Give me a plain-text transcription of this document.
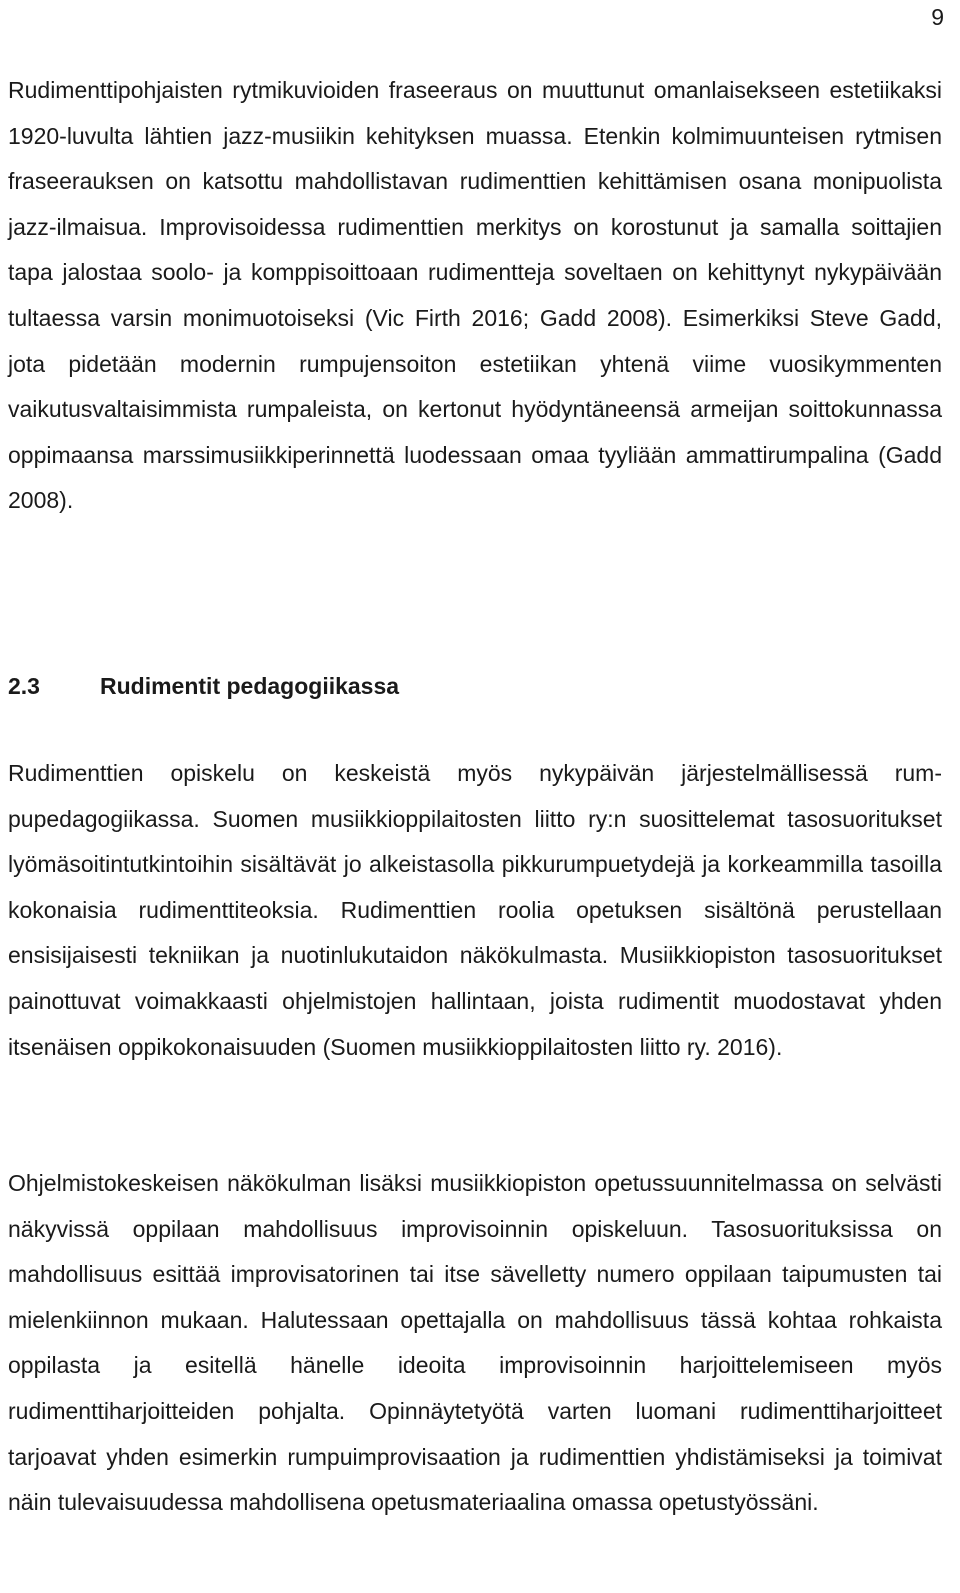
9

Rudimenttipohjaisten rytmikuvioiden fraseeraus on muuttunut omanlaisekseen estetiikaksi 1920-luvulta lähtien jazz-musiikin kehityksen muassa. Etenkin kolmimuunteisen rytmisen fraseerauksen on katsottu mahdollistavan rudimenttien kehittämisen osana monipuolista jazz-ilmaisua. Improvisoidessa rudimenttien merkitys on korostunut ja samalla soittajien tapa jalostaa soolo- ja komppisoittoaan rudimentteja soveltaen on kehittynyt nykypäivään tultaessa varsin monimuotoiseksi (Vic Firth 2016; Gadd 2008). Esimerkiksi Steve Gadd, jota pidetään modernin rumpujensoiton estetiikan yhtenä viime vuosikymmenten vaikutusvaltaisimmista rumpaleista, on kertonut hyödyntäneensä armeijan soittokunnassa oppimaansa marssimusiikkiperinnettä luodessaan omaa tyyliään ammattirumpalina (Gadd 2008).

2.3	Rudimentit pedagogiikassa

Rudimenttien opiskelu on keskeistä myös nykypäivän järjestelmällisessä rumpupedagogiikassa. Suomen musiikkioppilaitosten liitto ry:n suosittelemat tasosuoritukset lyömäsoitintutkintoihin sisältävät jo alkeistasolla pikkurumpuetydejä ja korkeammilla tasoilla kokonaisia rudimenttiteoksia. Rudimenttien roolia opetuksen sisältönä perustellaan ensisijaisesti tekniikan ja nuotinlukutaidon näkökulmasta. Musiikkiopiston tasosuoritukset painottuvat voimakkaasti ohjelmistojen hallintaan, joista rudimentit muodostavat yhden itsenäisen oppikokonaisuuden (Suomen musiikkioppilaitosten liitto ry. 2016).

Ohjelmistokeskeisen näkökulman lisäksi musiikkiopiston opetussuunnitelmassa on selvästi näkyvissä oppilaan mahdollisuus improvisoinnin opiskeluun. Tasosuorituksissa on mahdollisuus esittää improvisatorinen tai itse sävelletty numero oppilaan taipumusten tai mielenkiinnon mukaan. Halutessaan opettajalla on mahdollisuus tässä kohtaa rohkaista oppilasta ja esitellä hänelle ideoita improvisoinnin harjoittelemiseen myös rudimenttiharjoitteiden pohjalta. Opinnäytetyötä varten luomani rudimenttiharjoitteet tarjoavat yhden esimerkin rumpuimprovisaation ja rudimenttien yhdistämiseksi ja toimivat näin tulevaisuudessa mahdollisena opetusmateriaalina omassa opetustyössäni.
